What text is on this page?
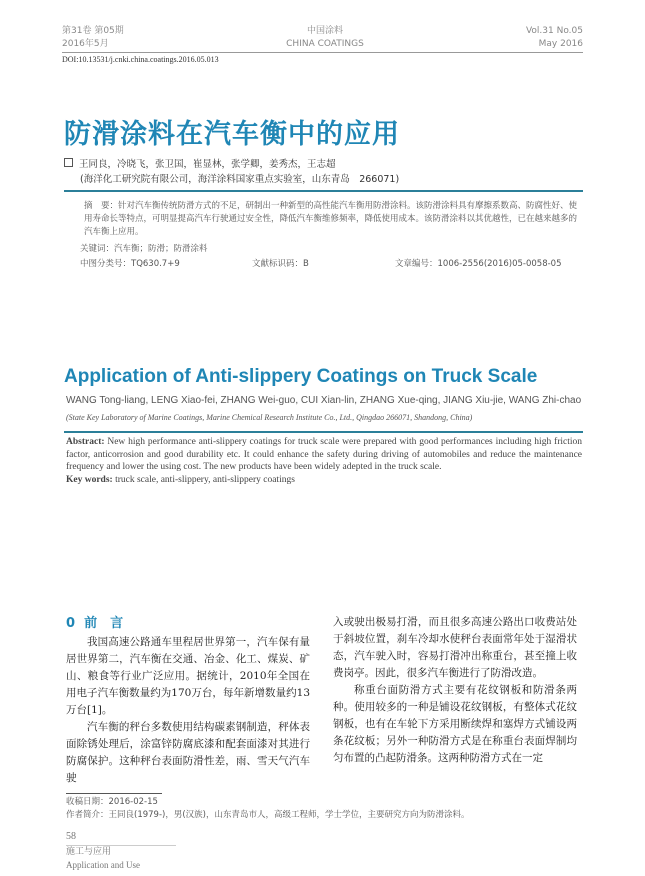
第31卷 第05期
2016年5月
中国涂料
CHINA COATINGS
Vol.31 No.05
May 2016
DOI:10.13531/j.cnki.china.coatings.2016.05.013
防滑涂料在汽车衡中的应用
王同良，冷晓飞，张卫国，崔显林，张学卿，姜秀杰，王志超
(海洋化工研究院有限公司，海洋涂料国家重点实验室，山东青岛　266071)
摘　要：针对汽车衡传统防滑方式的不足，研制出一种新型的高性能汽车衡用防滑涂料。该防滑涂料具有摩擦系数高、防腐性好、使用寿命长等特点，可明显提高汽车行驶通过安全性，降低汽车衡维修频率，降低使用成本。该防滑涂料以其优越性，已在越来越多的汽车衡上应用。
关键词：汽车衡；防滑；防滑涂料
中图分类号：TQ630.7+9	文献标识码：B	文章编号：1006-2556(2016)05-0058-05
Application of Anti-slippery Coatings on Truck Scale
WANG Tong-liang, LENG Xiao-fei, ZHANG Wei-guo, CUI Xian-lin, ZHANG Xue-qing, JIANG Xiu-jie, WANG Zhi-chao
(State Key Laboratory of Marine Coatings, Marine Chemical Research Institute Co., Ltd., Qingdao 266071, Shandong, China)
Abstract: New high performance anti-slippery coatings for truck scale were prepared with good performances including high friction factor, anticorrosion and good durability etc. It could enhance the safety during driving of automobiles and reduce the maintenance frequency and lower the using cost. The new products have been widely adepted in the truck scale.
Key words: truck scale, anti-slippery, anti-slippery coatings
0 前　言

我国高速公路通车里程居世界第一，汽车保有量居世界第二，汽车衡在交通、冶金、化工、煤炭、矿山、粮食等行业广泛应用。据统计，2010年全国在用电子汽车衡数量约为170万台，每年新增数量约13万台[1]。

汽车衡的秤台多数使用结构碳素钢制造，秤体表面除锈处理后，涂富锌防腐底漆和配套面漆对其进行防腐保护。这种秤台表面防滑性差，雨、雪天气汽车驶

入或驶出极易打滑，而且很多高速公路出口收费站处于斜坡位置，刹车冷却水使秤台表面常年处于湿滑状态，汽车驶入时，容易打滑冲出称重台，甚至撞上收费岗亭。因此，很多汽车衡进行了防滑改造。

称重台面防滑方式主要有花纹钢板和防滑条两种。使用较多的一种是铺设花纹钢板，有整体式花纹钢板，也有在车轮下方采用断续焊和塞焊方式铺设两条花纹板；另外一种防滑方式是在称重台表面焊制均匀布置的凸起防滑条。这两种防滑方式在一定

收稿日期：2016-02-15
作者简介：王同良(1979-)，男(汉族)，山东青岛市人，高级工程师，学士学位，主要研究方向为防滑涂料。
58
施工与应用
Application and Use
